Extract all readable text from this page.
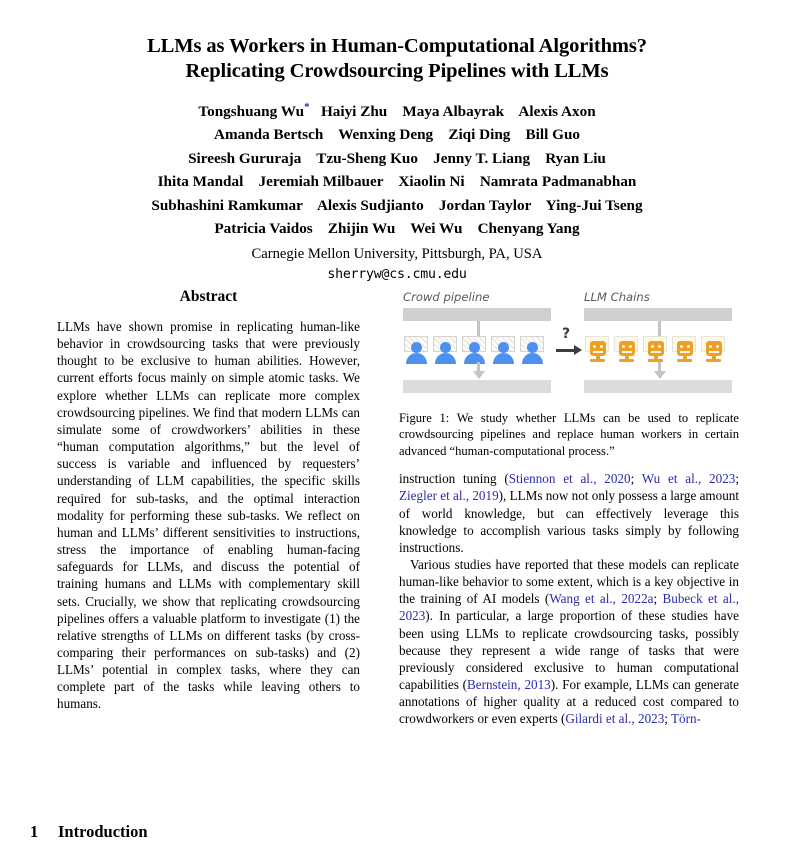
LLMs as Workers in Human-Computational Algorithms?
Replicating Crowdsourcing Pipelines with LLMs
Tongshuang Wu*   Haiyi Zhu    Maya Albayrak    Alexis Axon
Amanda Bertsch    Wenxing Deng    Ziqi Ding    Bill Guo
Sireesh Gururaja    Tzu-Sheng Kuo    Jenny T. Liang    Ryan Liu
Ihita Mandal    Jeremiah Milbauer    Xiaolin Ni    Namrata Padmanabhan
Subhashini Ramkumar    Alexis Sudjianto    Jordan Taylor    Ying-Jui Tseng
Patricia Vaidos    Zhijin Wu    Wei Wu    Chenyang Yang
Carnegie Mellon University, Pittsburgh, PA, USA
sherryw@cs.cmu.edu
Abstract

LLMs have shown promise in replicating human-like behavior in crowdsourcing tasks that were previously thought to be exclusive to human abilities. However, current efforts focus mainly on simple atomic tasks. We explore whether LLMs can replicate more complex crowdsourcing pipelines. We find that modern LLMs can simulate some of crowdworkers’ abilities in these “human computation algorithms,” but the level of success is variable and influenced by requesters’ understanding of LLM capabilities, the specific skills required for sub-tasks, and the optimal interaction modality for performing these sub-tasks. We reflect on human and LLMs’ different sensitivities to instructions, stress the importance of enabling human-facing safeguards for LLMs, and discuss the potential of training humans and LLMs with complementary skill sets. Crucially, we show that replicating crowdsourcing pipelines offers a valuable platform to investigate (1) the relative strengths of LLMs on different tasks (by cross-comparing their performances on sub-tasks) and (2) LLMs’ potential in complex tasks, where they can complete part of the tasks while leaving others to humans.

Figure 1: We study whether LLMs can be used to replicate crowdsourcing pipelines and replace human workers in certain advanced “human-computational process.”

instruction tuning (Stiennon et al., 2020; Wu et al., 2023; Ziegler et al., 2019), LLMs now not only possess a large amount of world knowledge, but can effectively leverage this knowledge to accomplish various tasks simply by following instructions.

Various studies have reported that these models can replicate human-like behavior to some extent, which is a key objective in the training of AI models (Wang et al., 2022a; Bubeck et al., 2023). In particular, a large proportion of these studies have been using LLMs to replicate crowdsourcing tasks, possibly because they represent a wide range of tasks that were previously considered exclusive to human computational capabilities (Bernstein, 2013). For example, LLMs can generate annotations of higher quality at a reduced cost compared to crowdworkers or even experts (Gilardi et al., 2023; Törn-

Crowd pipeline	LLM Chains
?
1 Introduction
